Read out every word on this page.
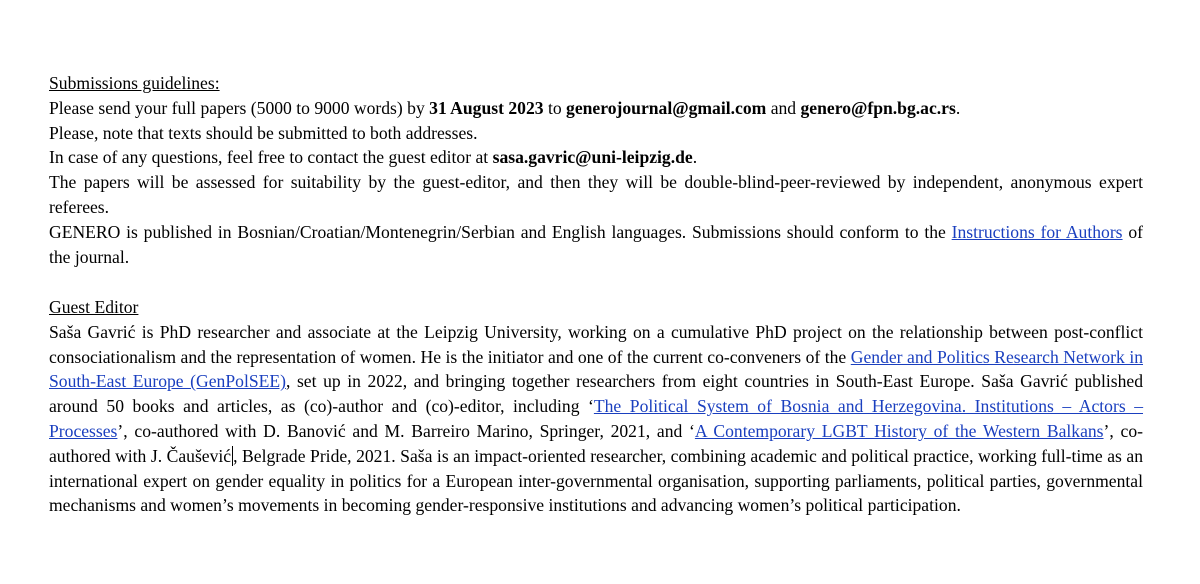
Submissions guidelines:

Please send your full papers (5000 to 9000 words) by 31 August 2023 to generojournal@gmail.com and genero@fpn.bg.ac.rs.

Please, note that texts should be submitted to both addresses.

In case of any questions, feel free to contact the guest editor at sasa.gavric@uni-leipzig.de.

The papers will be assessed for suitability by the guest-editor, and then they will be double-blind-peer-reviewed by independent, anonymous expert referees.

GENERO is published in Bosnian/Croatian/Montenegrin/Serbian and English languages. Submissions should conform to the Instructions for Authors of the journal.

Guest Editor

Saša Gavrić is PhD researcher and associate at the Leipzig University, working on a cumulative PhD project on the relationship between post-conflict consociationalism and the representation of women. He is the initiator and one of the current co-conveners of the Gender and Politics Research Network in South-East Europe (GenPolSEE), set up in 2022, and bringing together researchers from eight countries in South-East Europe. Saša Gavrić published around 50 books and articles, as (co)-author and (co)-editor, including ‘The Political System of Bosnia and Herzegovina. Institutions – Actors – Processes’, co-authored with D. Banović and M. Barreiro Marino, Springer, 2021, and ‘A Contemporary LGBT History of the Western Balkans’, co-authored with J. Čaušević , Belgrade Pride, 2021. Saša is an impact-oriented researcher, combining academic and political practice, working full-time as an international expert on gender equality in politics for a European inter-governmental organisation, supporting parliaments, political parties, governmental mechanisms and women’s movements in becoming gender-responsive institutions and advancing women’s political participation.
